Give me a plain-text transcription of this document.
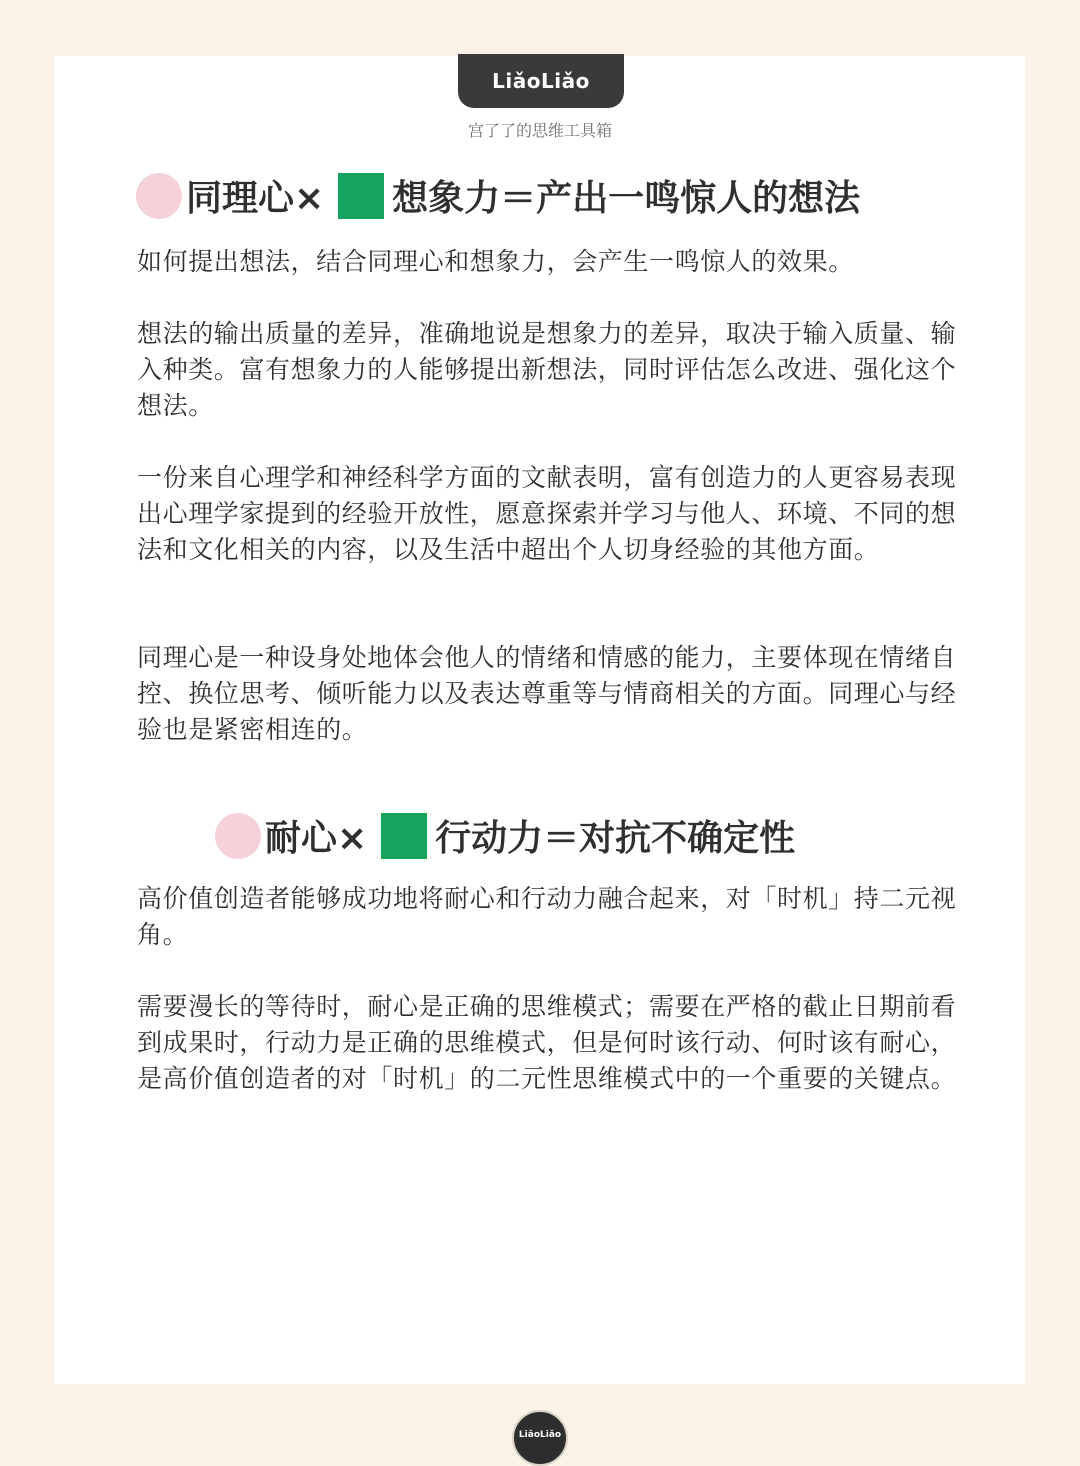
LiǎoLiǎo
宫了了的思维工具箱
同理心× 想象力＝产出一鸣惊人的想法

如何提出想法，结合同理心和想象力，会产生一鸣惊人的效果。

想法的输出质量的差异，准确地说是想象力的差异，取决于输入质量、输入种类。富有想象力的人能够提出新想法，同时评估怎么改进、强化这个想法。

一份来自心理学和神经科学方面的文献表明，富有创造力的人更容易表现出心理学家提到的经验开放性，愿意探索并学习与他人、环境、不同的想法和文化相关的内容，以及生活中超出个人切身经验的其他方面。

同理心是一种设身处地体会他人的情绪和情感的能力，主要体现在情绪自控、换位思考、倾听能力以及表达尊重等与情商相关的方面。同理心与经验也是紧密相连的。

耐心× 行动力＝对抗不确定性

高价值创造者能够成功地将耐心和行动力融合起来，对「时机」持二元视角。

需要漫长的等待时，耐心是正确的思维模式；需要在严格的截止日期前看到成果时，行动力是正确的思维模式，但是何时该行动、何时该有耐心，是高价值创造者的对「时机」的二元性思维模式中的一个重要的关键点。

LiǎoLiǎo
